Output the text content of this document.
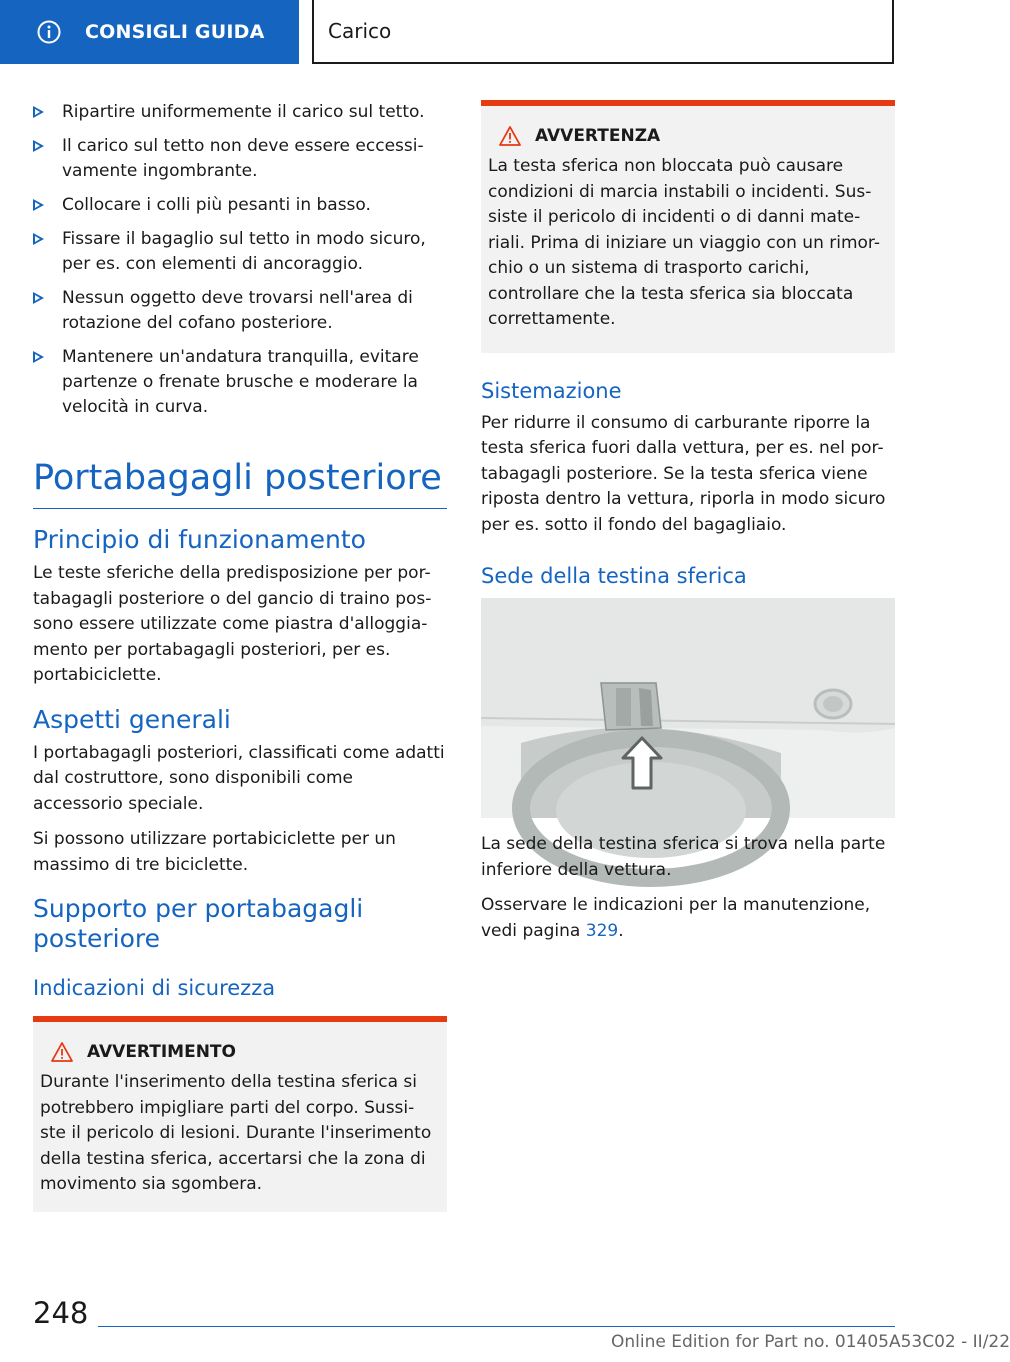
CONSIGLI GUIDA	Carico
Ripartire uniformemente il carico sul tetto.
Il carico sul tetto non deve essere eccessi-vamente ingombrante.
Collocare i colli più pesanti in basso.
Fissare il bagaglio sul tetto in modo sicuro, per es. con elementi di ancoraggio.
Nessun oggetto deve trovarsi nell'area di rotazione del cofano posteriore.
Mantenere un'andatura tranquilla, evitare partenze o frenate brusche e moderare la velocità in curva.
Portabagagli posteriore
Principio di funzionamento

Le teste sferiche della predisposizione per por-tabagagli posteriore o del gancio di traino pos-sono essere utilizzate come piastra d'alloggia-mento per portabagagli posteriori, per es. portabiciclette.

Aspetti generali

I portabagagli posteriori, classificati come adatti dal costruttore, sono disponibili come accessorio speciale.

Si possono utilizzare portabiciclette per un massimo di tre biciclette.

Supporto per portabagagli posteriore
Indicazioni di sicurezza
AVVERTIMENTO

Durante l'inserimento della testina sferica si potrebbero impigliare parti del corpo. Sussi-ste il pericolo di lesioni. Durante l'inserimento della testina sferica, accertarsi che la zona di movimento sia sgombera.

AVVERTENZA

La testa sferica non bloccata può causare condizioni di marcia instabili o incidenti. Sus-siste il pericolo di incidenti o di danni mate-riali. Prima di iniziare un viaggio con un rimor-chio o un sistema di trasporto carichi, controllare che la testa sferica sia bloccata correttamente.

Sistemazione

Per ridurre il consumo di carburante riporre la testa sferica fuori dalla vettura, per es. nel por-tabagagli posteriore. Se la testa sferica viene riposta dentro la vettura, riporla in modo sicuro per es. sotto il fondo del bagagliaio.

Sede della testina sferica

La sede della testina sferica si trova nella parte inferiore della vettura.

Osservare le indicazioni per la manutenzione, vedi pagina 329.

248
Online Edition for Part no. 01405A53C02 - II/22
